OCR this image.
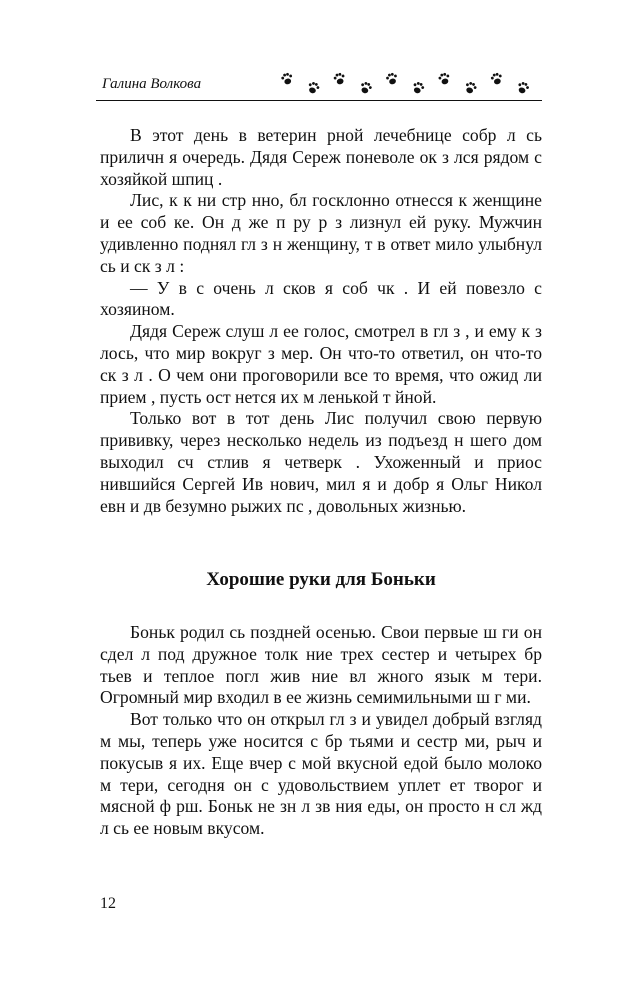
Галина Волкова

В этот день в ветерин рной лечебнице собр л сь приличн я очередь. Дядя Сереж поневоле ок з лся рядом с хозяйкой шпиц .

Лис, к к ни стр нно, бл госклонно отнесся к женщине и ее соб ке. Он д же п ру р з лизнул ей руку. Мужчин удивленно поднял гл з н женщину, т в ответ мило улыбнул сь и ск з л :

— У в с очень л сков я соб чк . И ей повезло с хозяином.

Дядя Сереж слуш л ее голос, смотрел в гл з , и ему к з лось, что мир вокруг з мер. Он что-то ответил, он что-то ск з л . О чем они проговорили все то время, что ожид ли прием , пусть ост нется их м ленькой т йной.

Только вот в тот день Лис получил свою первую прививку, через несколько недель из подъезд н шего дом выходил сч стлив я четверк . Ухоженный и приос нившийся Сергей Ив нович, мил я и добр я Ольг Никол евн и дв безумно рыжих пс , довольных жизнью.

Хорошие руки для Боньки

Боньк родил сь поздней осенью. Свои первые ш ги он сдел л под дружное толк ние трех сестер и четырех бр тьев и теплое погл жив ние вл жного язык м тери. Огромный мир входил в ее жизнь семимильными ш г ми.

Вот только что он открыл гл з и увидел добрый взгляд м мы, теперь уже носится с бр тьями и сестр ми, рыч и покусыв я их. Еще вчер с мой вкусной едой было молоко м тери, сегодня он с удовольствием уплет ет творог и мясной ф рш. Боньк не зн л зв ния еды, он просто н сл жд л сь ее новым вкусом.

12
